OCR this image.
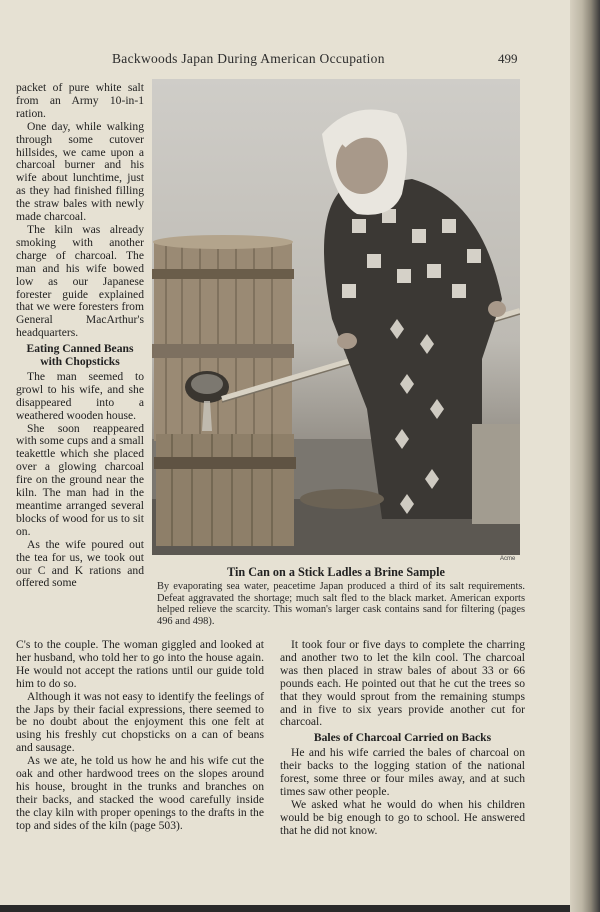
Backwoods Japan During American Occupation	499

packet of pure white salt from an Army 10-in-1 ration.

One day, while walking through some cutover hillsides, we came upon a charcoal burner and his wife about lunchtime, just as they had finished filling the straw bales with newly made charcoal.

The kiln was already smoking with another charge of charcoal. The man and his wife bowed low as our Japanese forester guide explained that we were foresters from General MacArthur's headquarters.

Eating Canned Beans with Chopsticks

The man seemed to growl to his wife, and she disappeared into a weathered wooden house.

She soon reappeared with some cups and a small teakettle which she placed over a glowing charcoal fire on the ground near the kiln. The man had in the meantime arranged several blocks of wood for us to sit on.

As the wife poured out the tea for us, we took out our C and K rations and offered some

Acme
Tin Can on a Stick Ladles a Brine Sample
By evaporating sea water, peacetime Japan produced a third of its salt requirements. Defeat aggravated the shortage; much salt fled to the black market. American exports helped relieve the scarcity. This woman's larger cask contains sand for filtering (pages 496 and 498).

C's to the couple. The woman giggled and looked at her husband, who told her to go into the house again. He would not accept the rations until our guide told him to do so.

Although it was not easy to identify the feelings of the Japs by their facial expressions, there seemed to be no doubt about the enjoyment this one felt at using his freshly cut chopsticks on a can of beans and sausage.

As we ate, he told us how he and his wife cut the oak and other hardwood trees on the slopes around his house, brought in the trunks and branches on their backs, and stacked the wood carefully inside the clay kiln with proper openings to the drafts in the top and sides of the kiln (page 503).

It took four or five days to complete the charring and another two to let the kiln cool. The charcoal was then placed in straw bales of about 33 or 66 pounds each. He pointed out that he cut the trees so that they would sprout from the remaining stumps and in five to six years provide another cut for charcoal.

Bales of Charcoal Carried on Backs

He and his wife carried the bales of charcoal on their backs to the logging station of the national forest, some three or four miles away, and at such times saw other people.

We asked what he would do when his children would be big enough to go to school. He answered that he did not know.
